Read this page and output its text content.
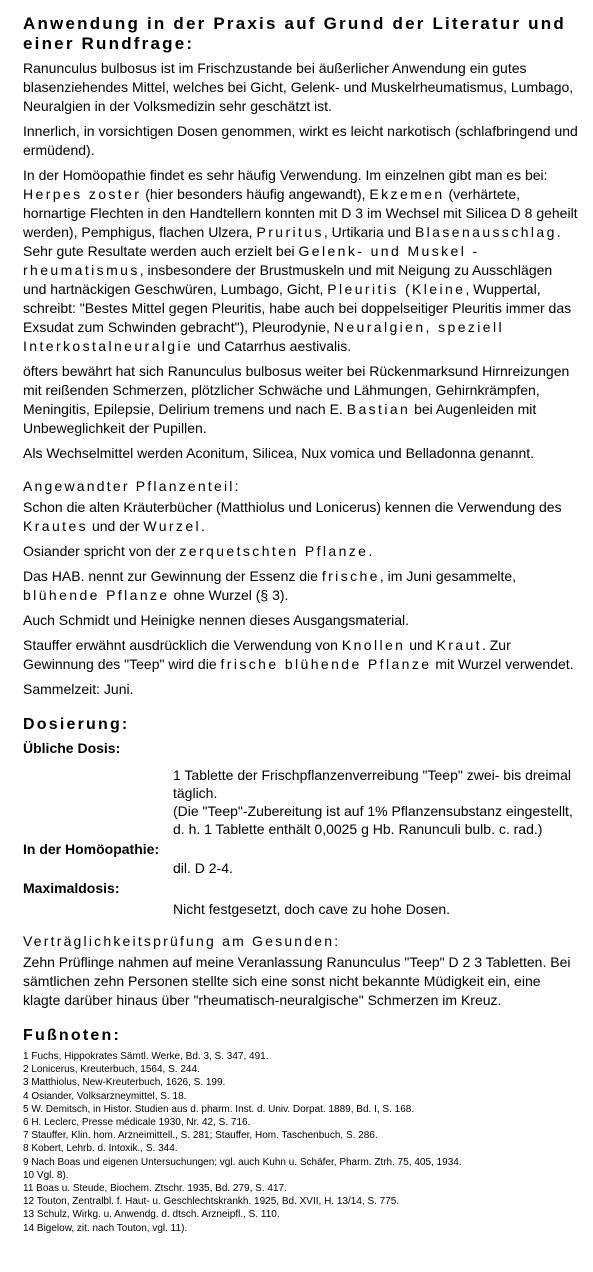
Anwendung in der Praxis auf Grund der Literatur und einer Rundfrage:

Ranunculus bulbosus ist im Frischzustande bei äußerlicher Anwendung ein gutes blasenziehendes Mittel, welches bei Gicht, Gelenk- und Muskelrheumatismus, Lumbago, Neuralgien in der Volksmedizin sehr geschätzt ist.

Innerlich, in vorsichtigen Dosen genommen, wirkt es leicht narkotisch (schlafbringend und ermüdend).

In der Homöopathie findet es sehr häufig Verwendung. Im einzelnen gibt man es bei: Herpes zoster (hier besonders häufig angewandt), Ekzemen (verhärtete, hornartige Flechten in den Handtellern konnten mit D 3 im Wechsel mit Silicea D 8 geheilt werden), Pemphigus, flachen Ulzera, Pruritus, Urtikaria und Blasenausschlag. Sehr gute Resultate werden auch erzielt bei Gelenk- und Muskel - rheumatismus, insbesondere der Brustmuskeln und mit Neigung zu Ausschlägen und hartnäckigen Geschwüren, Lumbago, Gicht, Pleuritis (Kleine, Wuppertal, schreibt: "Bestes Mittel gegen Pleuritis, habe auch bei doppelseitiger Pleuritis immer das Exsudat zum Schwinden gebracht"), Pleurodynie, Neuralgien, speziell Interkostalneuralgie und Catarrhus aestivalis.

öfters bewährt hat sich Ranunculus bulbosus weiter bei Rückenmarksund Hirnreizungen mit reißenden Schmerzen, plötzlicher Schwäche und Lähmungen, Gehirnkrämpfen, Meningitis, Epilepsie, Delirium tremens und nach E. Bastian bei Augenleiden mit Unbeweglichkeit der Pupillen.

Als Wechselmittel werden Aconitum, Silicea, Nux vomica und Belladonna genannt.

Angewandter Pflanzenteil:

Schon die alten Kräuterbücher (Matthiolus und Lonicerus) kennen die Verwendung des Krautes und der Wurzel.

Osiander spricht von der zerquetschten Pflanze.

Das HAB. nennt zur Gewinnung der Essenz die frische, im Juni gesammelte, blühende Pflanze ohne Wurzel (§ 3).

Auch Schmidt und Heinigke nennen dieses Ausgangsmaterial.

Stauffer erwähnt ausdrücklich die Verwendung von Knollen und Kraut. Zur Gewinnung des "Teep" wird die frische blühende Pflanze mit Wurzel verwendet.

Sammelzeit: Juni.

Dosierung:
Übliche Dosis:
1 Tablette der Frischpflanzenverreibung "Teep" zwei- bis dreimal täglich.
(Die "Teep"-Zubereitung ist auf 1% Pflanzensubstanz eingestellt, d. h. 1 Tablette enthält 0,0025 g Hb. Ranunculi bulb. c. rad.)
In der Homöopathie:
dil. D 2-4.
Maximaldosis:
Nicht festgesetzt, doch cave zu hohe Dosen.
Verträglichkeitsprüfung am Gesunden:

Zehn Prüflinge nahmen auf meine Veranlassung Ranunculus "Teep" D 2 3 Tabletten. Bei sämtlichen zehn Personen stellte sich eine sonst nicht bekannte Müdigkeit ein, eine klagte darüber hinaus über "rheumatisch-neuralgische" Schmerzen im Kreuz.

Fußnoten:
1 Fuchs, Hippokrates Sämtl. Werke, Bd. 3, S. 347, 491.
2 Lonicerus, Kreuterbuch, 1564, S. 244.
3 Matthiolus, New-Kreuterbuch, 1626, S. 199.
4 Osiander, Volksarzneymittel, S. 18.
5 W. Demitsch, in Histor. Studien aus d. pharm. Inst. d. Univ. Dorpat. 1889, Bd. I, S. 168.
6 H. Leclerc, Presse médicale 1930, Nr. 42, S. 716.
7 Stauffer, Klin. hom. Arzneimittell., S. 281; Stauffer, Hom. Taschenbuch, S. 286.
8 Kobert, Lehrb. d. Intoxik., S. 344.
9 Nach Boas und eigenen Untersuchungen; vgl. auch Kuhn u. Schäfer, Pharm. Ztrh. 75, 405, 1934.
10 Vgl. 8).
11 Boas u. Steude, Biochem. Ztschr. 1935, Bd. 279, S. 417.
12 Touton, Zentralbl. f. Haut- u. Geschlechtskrankh. 1925, Bd. XVII, H. 13/14, S. 775.
13 Schulz, Wirkg. u. Anwendg. d. dtsch. Arzneipfl., S. 110.
14 Bigelow, zit. nach Touton, vgl. 11).
